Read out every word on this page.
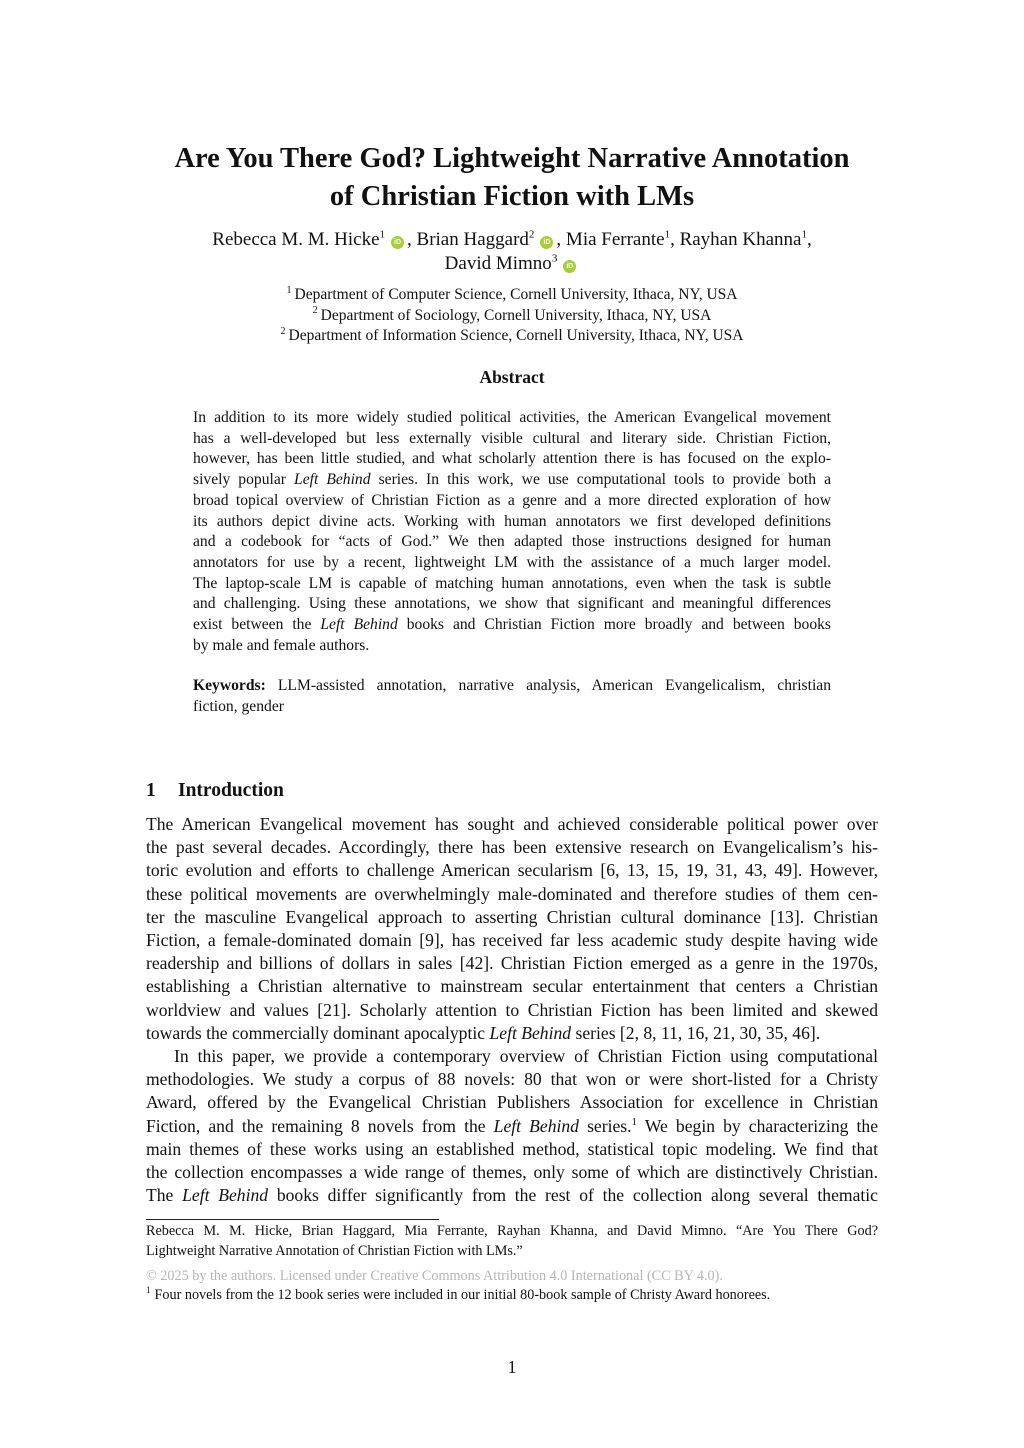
Are You There God? Lightweight Narrative Annotation
of Christian Fiction with LMs
Rebecca M. M. Hicke$^1$iD , Brian Haggard$^2$iD , Mia Ferrante$^1$, Rayhan Khanna$^1$,
David Mimno$^3$iD
$^1$ Department of Computer Science, Cornell University, Ithaca, NY, USA
$^2$ Department of Sociology, Cornell University, Ithaca, NY, USA
$^2$ Department of Information Science, Cornell University, Ithaca, NY, USA
Abstract
In addition to its more widely studied political activities, the American Evangelical movement
has a well-developed but less externally visible cultural and literary side. Christian Fiction,
however, has been little studied, and what scholarly attention there is has focused on the explo-
sively popular Left Behind series. In this work, we use computational tools to provide both a
broad topical overview of Christian Fiction as a genre and a more directed exploration of how
its authors depict divine acts. Working with human annotators we first developed definitions
and a codebook for “acts of God.” We then adapted those instructions designed for human
annotators for use by a recent, lightweight LM with the assistance of a much larger model.
The laptop-scale LM is capable of matching human annotations, even when the task is subtle
and challenging. Using these annotations, we show that significant and meaningful differences
exist between the Left Behind books and Christian Fiction more broadly and between books
by male and female authors.
Keywords: LLM-assisted annotation, narrative analysis, American Evangelicalism, christian
fiction, gender
1 Introduction
The American Evangelical movement has sought and achieved considerable political power over
the past several decades. Accordingly, there has been extensive research on Evangelicalism’s his-
toric evolution and efforts to challenge American secularism [6, 13, 15, 19, 31, 43, 49]. However,
these political movements are overwhelmingly male-dominated and therefore studies of them cen-
ter the masculine Evangelical approach to asserting Christian cultural dominance [13]. Christian
Fiction, a female-dominated domain [9], has received far less academic study despite having wide
readership and billions of dollars in sales [42]. Christian Fiction emerged as a genre in the 1970s,
establishing a Christian alternative to mainstream secular entertainment that centers a Christian
worldview and values [21]. Scholarly attention to Christian Fiction has been limited and skewed
towards the commercially dominant apocalyptic Left Behind series [2, 8, 11, 16, 21, 30, 35, 46].
In this paper, we provide a contemporary overview of Christian Fiction using computational
methodologies. We study a corpus of 88 novels: 80 that won or were short-listed for a Christy
Award, offered by the Evangelical Christian Publishers Association for excellence in Christian
Fiction, and the remaining 8 novels from the Left Behind series.$^1$ We begin by characterizing the
main themes of these works using an established method, statistical topic modeling. We find that
the collection encompasses a wide range of themes, only some of which are distinctively Christian.
The Left Behind books differ significantly from the rest of the collection along several thematic
Rebecca M. M. Hicke, Brian Haggard, Mia Ferrante, Rayhan Khanna, and David Mimno. “Are You There God?
Lightweight Narrative Annotation of Christian Fiction with LMs.”
© 2025 by the authors. Licensed under Creative Commons Attribution 4.0 International (CC BY 4.0).
$^1$ Four novels from the 12 book series were included in our initial 80-book sample of Christy Award honorees.
1
